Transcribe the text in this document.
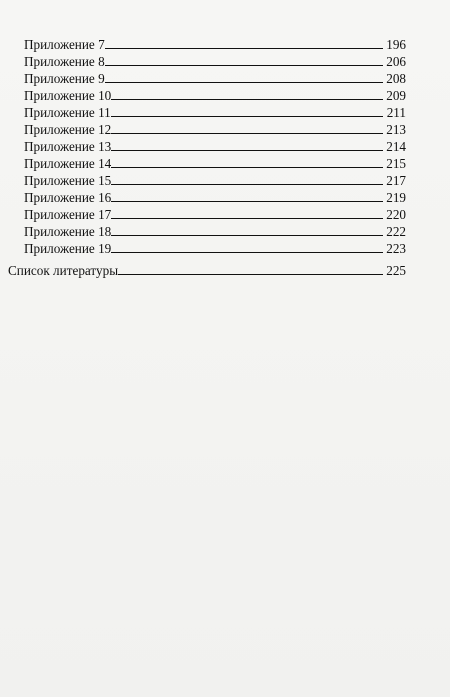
Приложение 7	196
Приложение 8	206
Приложение 9	208
Приложение 10	209
Приложение 11	211
Приложение 12	213
Приложение 13	214
Приложение 14	215
Приложение 15	217
Приложение 16	219
Приложение 17	220
Приложение 18	222
Приложение 19	223
Список литературы	225
